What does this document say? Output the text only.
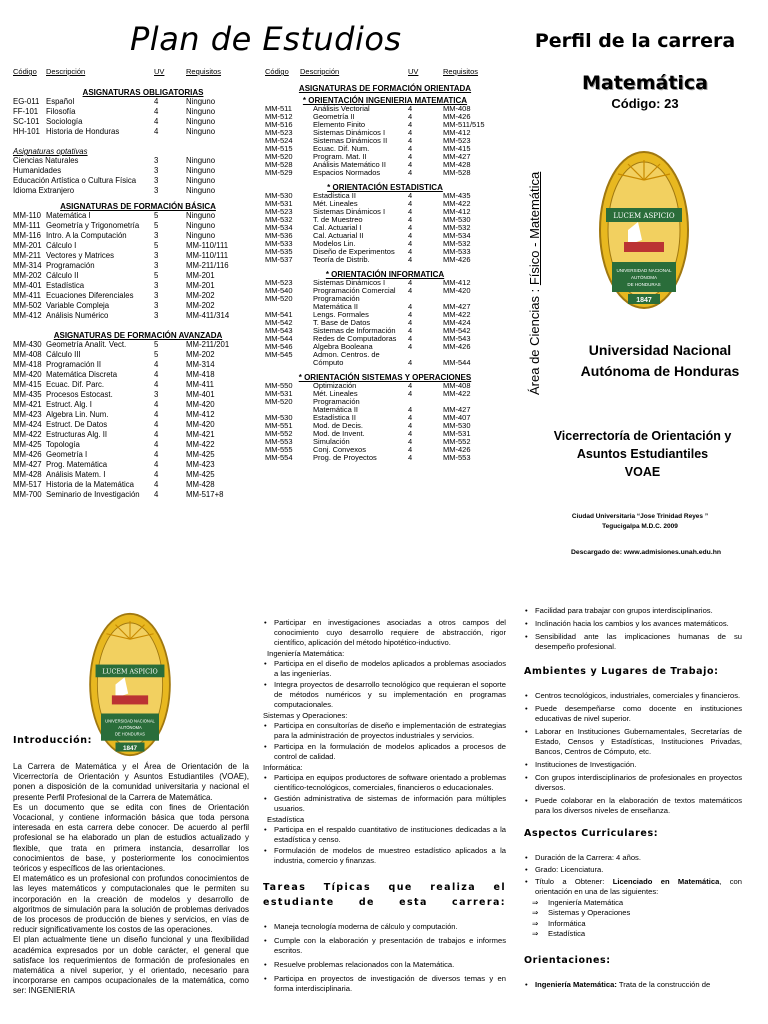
Plan de Estudios
Código	Descripción	UV	Requisitos
ASIGNATURAS OBLIGATORIAS
EG-011 Español	4	Ninguno
FF-101	Filosofía	4	Ninguno
SC-101 Sociología	4	Ninguno
HH-101 Historia de Honduras	4	Ninguno
Asignaturas optativas
Ciencias Naturales	3	Ninguno
Humanidades	3	Ninguno
Educación Artística o Cultura Física	3	Ninguno
Idioma Extranjero	3	Ninguno
ASIGNATURAS DE FORMACIÓN BÁSICA
MM-110 Matemática I	5	Ninguno
MM-111 Geometría y Trigonometría	5	Ninguno
MM-116 Intro. A la Computación	3	Ninguno
MM-201 Cálculo I	5	MM-110/111
MM-211 Vectores y Matrices	3	MM-110/111
MM-314 Programación	3	MM-211/116
MM-202 Cálculo II	5	MM-201
MM-401 Estadística	3	MM-201
MM-411 Ecuaciones Diferenciales	3	MM-202
MM-502 Variable Compleja	3	MM-202
MM-412 Análisis Numérico	3	MM-411/314
ASIGNATURAS DE FORMACIÓN AVANZADA
MM-430 Geometría Analít. Vect.	5	MM-211/201
MM-408 Cálculo III	5	MM-202
MM-418 Programación II	4	MM-314
MM-420 Matemática Discreta	4	MM-418
MM-415 Ecuac. Dif. Parc.	4	MM-411
MM-435 Procesos Estocast.	3	MM-401
MM-421 Estruct. Alg. I	4	MM-420
MM-423 Algebra Lin. Num.	4	MM-412
MM-424 Estruct. De Datos	4	MM-420
MM-422 Estructuras Alg. II	4	MM-421
MM-425 Topología	4	MM-422
MM-426 Geometría I	4	MM-425
MM-427 Prog. Matemática	4	MM-423
MM-428 Análisis Matem. I	4	MM-425
MM-517 Historia de la Matemática	4	MM-428
MM-700 Seminario de Investigación	4	MM-517+8
Código	Descripción	UV	Requisitos
ASIGNATURAS DE FORMACIÓN ORIENTADA
* ORIENTACIÓN INGENIERIA MATEMATICA
MM-511	Análisis Vectorial	4	MM-408
MM-512	Geometría II	4	MM-426
MM-516	Elemento Finito	4	MM-511/515
MM-523	Sistemas Dinámicos I	4	MM-412
MM-524	Sistemas Dinámicos II	4	MM-523
MM-515	Ecuac. Dif. Num.	4	MM-415
MM-520	Program. Mat. II	4	MM-427
MM-528	Análisis Matemático II	4	MM-428
MM-529	Espacios Normados	4	MM-528
* ORIENTACIÓN ESTADISTICA
MM-530	Estadística II	4	MM-435
MM-531	Mét. Lineales	4	MM-422
MM-523	Sistemas Dinámicos I	4	MM-412
MM-532	T. de Muestreo	4	MM-530
MM-534	Cal. Actuarial I	4	MM-532
MM-536	Cal. Actuarial II	4	MM-534
MM-533	Modelos Lin.	4	MM-532
MM-535	Diseño de Experimentos	4	MM-533
MM-537	Teoría de Distrib.	4	MM-426
* ORIENTACIÓN INFORMATICA
MM-523	Sistemas Dinámicos I	4	MM-412
MM-540	Programación Comercial	4	MM-420
MM-520	Programación
Matemática II	4	MM-427
MM-541	Lengs. Formales	4	MM-422
MM-542	T. Base de Datos	4	MM-424
MM-543	Sistemas de Información	4	MM-542
MM-544	Redes de Computadoras	4	MM-543
MM-546	Algebra Booleana	4	MM-426
MM-545	Admon. Centros. de
Cómputo	4	MM-544
* ORIENTACIÓN SISTEMAS Y OPERACIONES
MM-550	Optimización	4	MM-408
MM-531	Mét. Lineales	4	MM-422
MM-520	Programación
Matemática II	4	MM-427
MM-530	Estadística II	4	MM-407
MM-551	Mod. de Decis.	4	MM-530
MM-552	Mod. de Invent.	4	MM-531
MM-553	Simulación	4	MM-552
MM-555	Conj. Convexos	4	MM-426
MM-554	Prog. de Proyectos	4	MM-553
Perfil de la carrera
Matemática
Código: 23
Área de Ciencias : Físico - Matemática	LUCEM ASPICIO
UNIVERSIDAD NACIONAL
AUTÓNOMA
DE HONDURAS
1847
Universidad Nacional
Autónoma de Honduras
Vicerrectoría de Orientación y
Asuntos Estudiantiles
VOAE
Ciudad Universitaria “Jose Trinidad Reyes ”
Tegucigalpa M.D.C. 2009
Descargado de: www.admisiones.unah.edu.hn
LUCEM ASPICIO
UNIVERSIDAD NACIONAL
AUTÓNOMA
DE HONDURAS
1847
Introducción:
La Carrera de Matemática y el Área de Orientación de la Vicerrectoría de Orientación y Asuntos Estudiantiles (VOAE), ponen a disposición de la comunidad universitaria y nacional el presente Perfil Profesional de la Carrera de Matemática.
Es un documento que se edita con fines de Orientación Vocacional, y contiene información básica que toda persona interesada en esta carrera debe conocer. De acuerdo al perfil profesional se ha elaborado un plan de estudios actualizado y flexible, que trata en primera instancia, desarrollar los conocimientos de base, y posteriormente los conocimientos teóricos y específicos de las orientaciones.
El matemático es un profesional con profundos conocimientos de las leyes matemáticos y computacionales que le permiten su incorporación en la creación de modelos y desarrollo de algoritmos de simulación para la solución de problemas derivados de los procesos de producción de bienes y servicios, en vías de reducir significativamente los costos de las operaciones.
El plan actualmente tiene un diseño funcional y una flexibilidad académica expresados por un doble carácter, el general que satisface los requerimientos de formación de profesionales en matemática a nivel superior, y el orientado, necesario para incorporarse en campos ocupacionales de la matemática, como ser: INGENIERIA
• Participar en investigaciones asociadas a otros campos del conocimiento cuyo desarrollo requiere de abstracción, rigor científico, aplicación del método hipotético-inductivo.
Ingeniería Matemática:
• Participa en el diseño de modelos aplicados a problemas asociados a las ingenierías.
• Integra proyectos de desarrollo tecnológico que requieran el soporte de métodos numéricos y su implementación en programas computacionales.
Sistemas y Operaciones:
• Participa en consultorías de diseño e implementación de estrategias para la administración de proyectos industriales y servicios.
• Participa en la formulación de modelos aplicados a procesos de control de calidad.
Informática:
• Participa en equipos productores de software orientado a problemas científico-tecnológicos, comerciales, financieros o educacionales.
• Gestión administrativa de sistemas de información para múltiples usuarios.
Estadística
• Participa en el respaldo cuantitativo de instituciones dedicadas a la estadística y censo.
• Formulación de modelos de muestreo estadístico aplicados a la industria, comercio y finanzas.
Tareas Típicas que realiza el estudiante de esta carrera:
• Maneja tecnología moderna de cálculo y computación.
• Cumple con la elaboración y presentación de trabajos e informes escritos.
• Resuelve problemas relacionados con la Matemática.
• Participa en proyectos de investigación de diversos temas y en forma interdisciplinaria.
• Facilidad para trabajar con grupos interdisciplinarios.
• Inclinación hacia los cambios y los avances matemáticos.
• Sensibilidad ante las implicaciones humanas de su desempeño profesional.
Ambientes y Lugares de Trabajo:
• Centros tecnológicos, industriales, comerciales y financieros.
• Puede desempeñarse como docente en instituciones educativas de nivel superior.
• Laborar en Instituciones Gubernamentales, Secretarías de Estado, Censos y Estadísticas, Instituciones Privadas, Bancos, Centros de Cómputo, etc.
• Instituciones de Investigación.
• Con grupos interdisciplinarios de profesionales en proyectos diversos.
• Puede colaborar en la elaboración de textos matemáticos para los diversos niveles de enseñanza.
Aspectos Curriculares:
• Duración de la Carrera: 4 años.
• Grado: Licenciatura.
• Título a Obtener: Licenciado en Matemática, con orientación en una de las siguientes:
⇒ Ingeniería Matemática
⇒ Sistemas y Operaciones
⇒ Informática
⇒ Estadística
Orientaciones:
• Ingeniería Matemática: Trata de la construcción de
